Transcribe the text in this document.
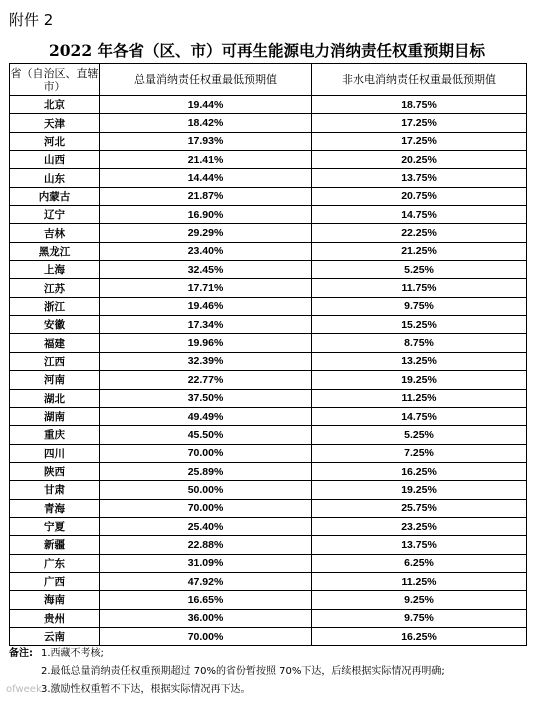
附件 2
2022 年各省（区、市）可再生能源电力消纳责任权重预期目标
省（自治区、直辖市）	总量消纳责任权重最低预期值	非水电消纳责任权重最低预期值
北京	19.44%	18.75%
天津	18.42%	17.25%
河北	17.93%	17.25%
山西	21.41%	20.25%
山东	14.44%	13.75%
内蒙古	21.87%	20.75%
辽宁	16.90%	14.75%
吉林	29.29%	22.25%
黑龙江	23.40%	21.25%
上海	32.45%	5.25%
江苏	17.71%	11.75%
浙江	19.46%	9.75%
安徽	17.34%	15.25%
福建	19.96%	8.75%
江西	32.39%	13.25%
河南	22.77%	19.25%
湖北	37.50%	11.25%
湖南	49.49%	14.75%
重庆	45.50%	5.25%
四川	70.00%	7.25%
陕西	25.89%	16.25%
甘肃	50.00%	19.25%
青海	70.00%	25.75%
宁夏	25.40%	23.25%
新疆	22.88%	13.75%
广东	31.09%	6.25%
广西	47.92%	11.25%
海南	16.65%	9.25%
贵州	36.00%	9.75%
云南	70.00%	16.25%
备注: 1.西藏不考核;
2.最低总量消纳责任权重预期超过 70%的省份暂按照 70%下达，后续根据实际情况再明确;
3.激励性权重暂不下达，根据实际情况再下达。
ofweek
